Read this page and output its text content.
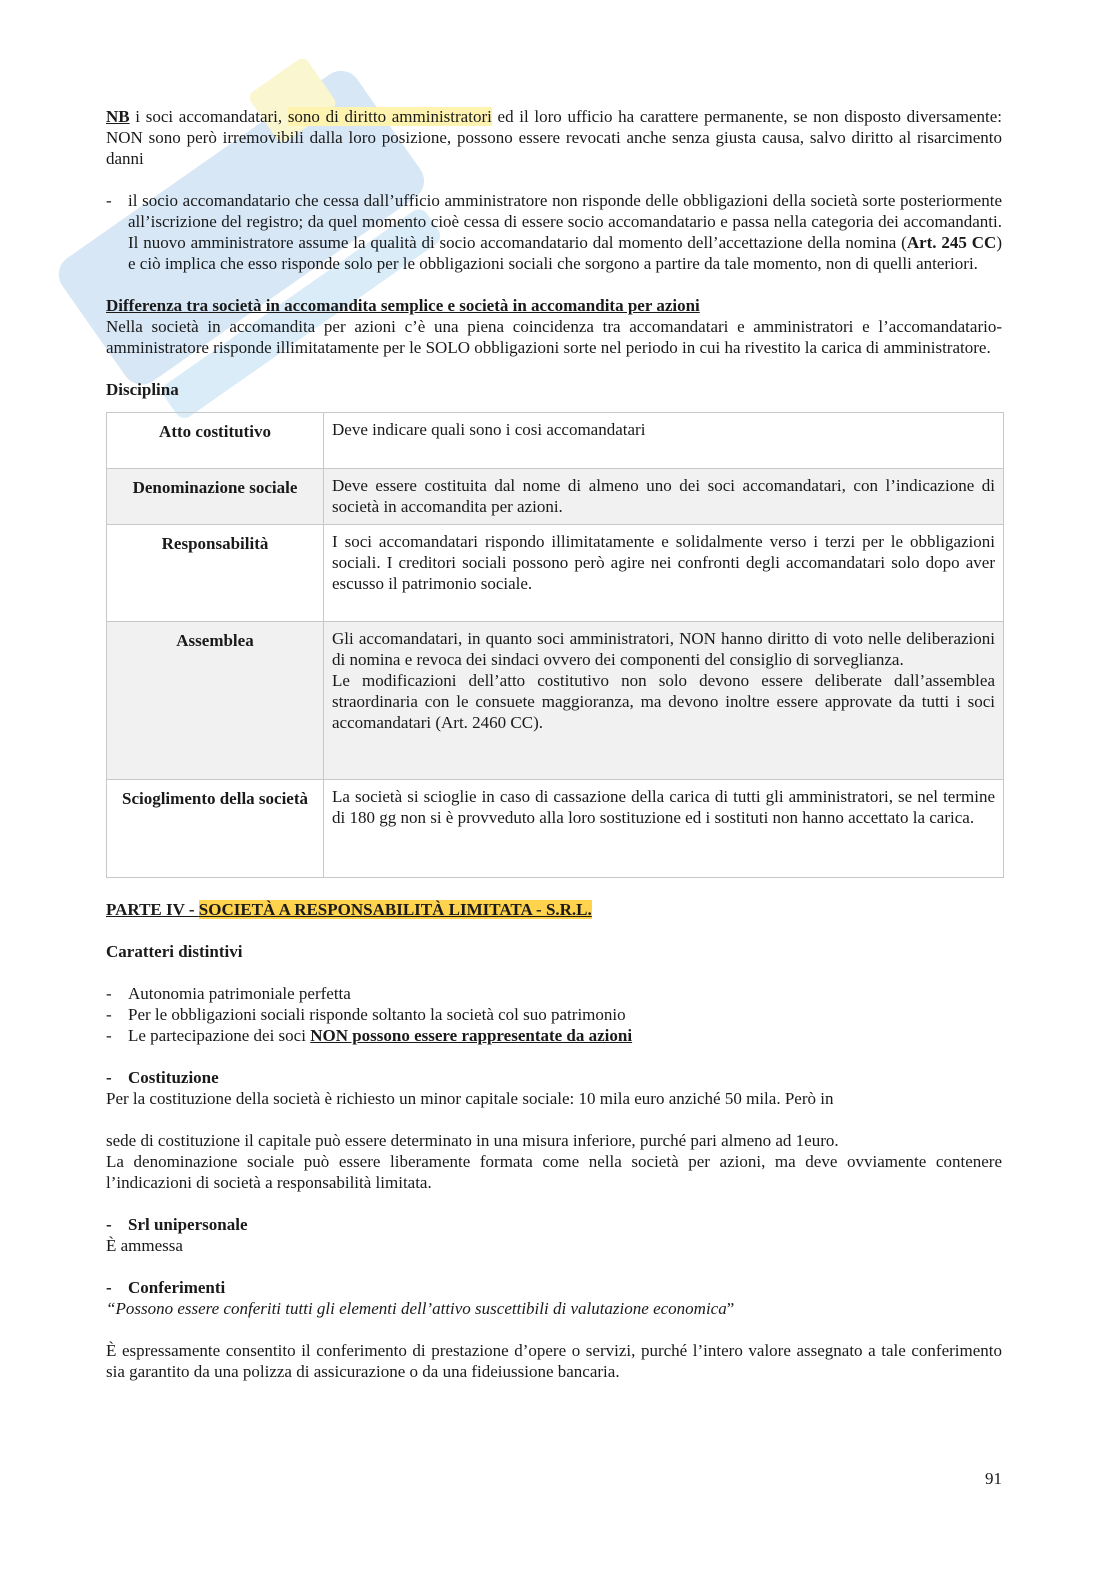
NB i soci accomandatari, sono di diritto amministratori ed il loro ufficio ha carattere permanente, se non disposto diversamente: NON sono però irremovibili dalla loro posizione, possono essere revocati anche senza giusta causa, salvo diritto al risarcimento danni

- il socio accomandatario che cessa dall’ufficio amministratore non risponde delle obbligazioni della società sorte posteriormente all’iscrizione del registro; da quel momento cioè cessa di essere socio accomandatario e passa nella categoria dei accomandanti. Il nuovo amministratore assume la qualità di socio accomandatario dal momento dell’accettazione della nomina (Art. 245 CC) e ciò implica che esso risponde solo per le obbligazioni sociali che sorgono a partire da tale momento, non di quelli anteriori.

Differenza tra società in accomandita semplice e società in accomandita per azioni

Nella società in accomandita per azioni c’è una piena coincidenza tra accomandatari e amministratori e l’accomandatario-amministratore risponde illimitatamente per le SOLO obbligazioni sorte nel periodo in cui ha rivestito la carica di amministratore.

Disciplina

Atto costitutivo	Deve indicare quali sono i cosi accomandatari
Denominazione sociale	Deve essere costituita dal nome di almeno uno dei soci accomandatari, con l’indicazione di società in accomandita per azioni.
Responsabilità	I soci accomandatari rispondo illimitatamente e solidalmente verso i terzi per le obbligazioni sociali. I creditori sociali possono però agire nei confronti degli accomandatari solo dopo aver escusso il patrimonio sociale.
Assemblea	Gli accomandatari, in quanto soci amministratori, NON hanno diritto di voto nelle deliberazioni di nomina e revoca dei sindaci ovvero dei componenti del consiglio di sorveglianza.
Le modificazioni dell’atto costitutivo non solo devono essere deliberate dall’assemblea straordinaria con le consuete maggioranza, ma devono inoltre essere approvate da tutti i soci accomandatari (Art. 2460 CC).

Scioglimento della società	La società si scioglie in caso di cassazione della carica di tutti gli amministratori, se nel termine di 180 gg non si è provveduto alla loro sostituzione ed i sostituti non hanno accettato la carica.

PARTE IV - SOCIETÀ A RESPONSABILITÀ LIMITATA - S.R.L.

Caratteri distintivi

- Autonomia patrimoniale perfetta
- Per le obbligazioni sociali risponde soltanto la società col suo patrimonio
- Le partecipazione dei soci NON possono essere rappresentate da azioni
- Costituzione

Per la costituzione della società è richiesto un minor capitale sociale: 10 mila euro anziché 50 mila. Però in

sede di costituzione il capitale può essere determinato in una misura inferiore, purché pari almeno ad 1euro.

La denominazione sociale può essere liberamente formata come nella società per azioni, ma deve ovviamente contenere l’indicazioni di società a responsabilità limitata.

- Srl unipersonale

È ammessa

- Conferimenti

“Possono essere conferiti tutti gli elementi dell’attivo suscettibili di valutazione economica”

È espressamente consentito il conferimento di prestazione d’opere o servizi, purché l’intero valore assegnato a tale conferimento sia garantito da una polizza di assicurazione o da una fideiussione bancaria.

91
